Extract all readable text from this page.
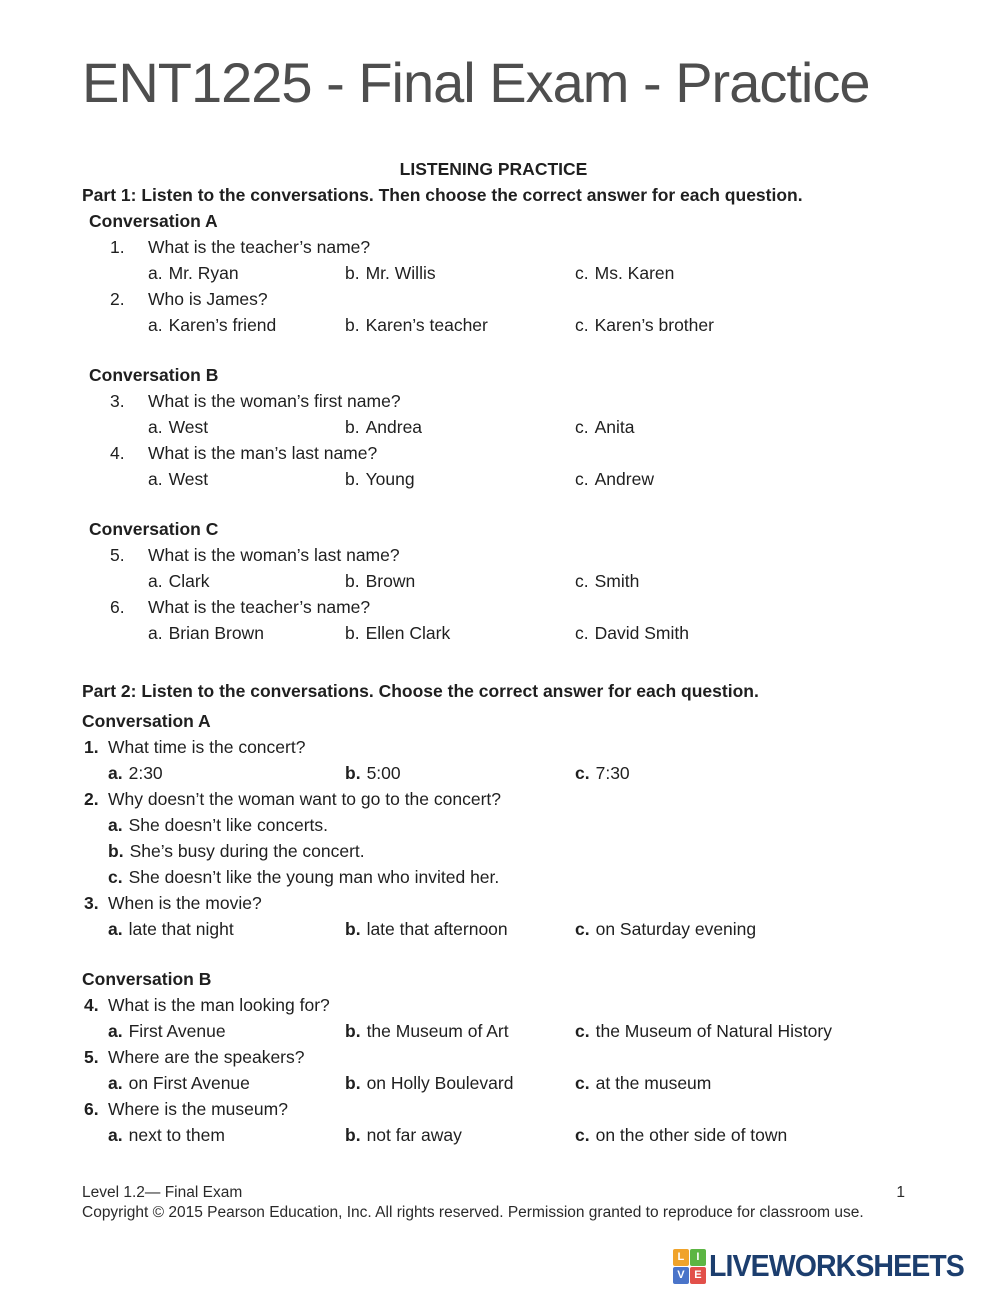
ENT1225 - Final Exam - Practice
LISTENING PRACTICE
Part 1: Listen to the conversations. Then choose the correct answer for each question.
Conversation A
1. What is the teacher’s name?
a. Mr. Ryan	b. Mr. Willis	c. Ms. Karen
2. Who is James?
a. Karen’s friend	b. Karen’s teacher	c. Karen’s brother
Conversation B
3. What is the woman’s first name?
a. West	b. Andrea	c. Anita
4. What is the man’s last name?
a. West	b. Young	c. Andrew
Conversation C
5. What is the woman’s last name?
a. Clark	b. Brown	c. Smith
6. What is the teacher’s name?
a. Brian Brown	b. Ellen Clark	c. David Smith
Part 2: Listen to the conversations. Choose the correct answer for each question.
Conversation A
1. What time is the concert?
a. 2:30	b. 5:00	c. 7:30
2. Why doesn’t the woman want to go to the concert?
a. She doesn’t like concerts.
b. She’s busy during the concert.
c. She doesn’t like the young man who invited her.
3. When is the movie?
a. late that night	b. late that afternoon	c. on Saturday evening
Conversation B
4. What is the man looking for?
a. First Avenue	b. the Museum of Art	c. the Museum of Natural History
5. Where are the speakers?
a. on First Avenue	b. on Holly Boulevard	c. at the museum
6. Where is the museum?
a. next to them	b. not far away	c. on the other side of town
Level 1.2— Final Exam	1
Copyright © 2015 Pearson Education, Inc. All rights reserved. Permission granted to reproduce for classroom use.
L	I
V E LIVEWORKSHEETS
